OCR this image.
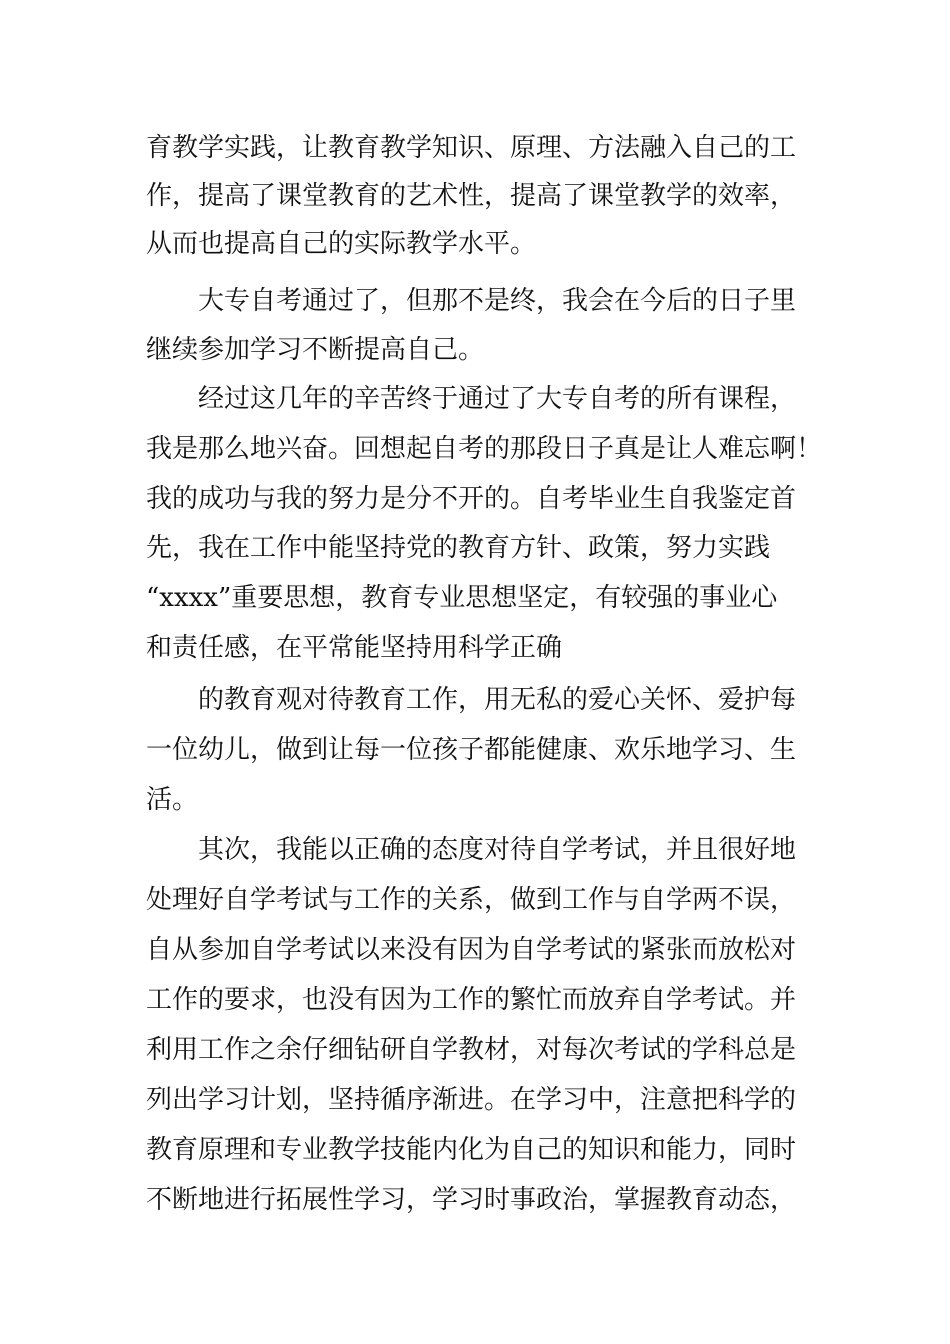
育教学实践，让教育教学知识、原理、方法融入自己的工
作，提高了课堂教育的艺术性，提高了课堂教学的效率，
从而也提高自己的实际教学水平。
大专自考通过了，但那不是终，我会在今后的日子里
继续参加学习不断提高自己。
经过这几年的辛苦终于通过了大专自考的所有课程，
我是那么地兴奋。回想起自考的那段日子真是让人难忘啊！
我的成功与我的努力是分不开的。自考毕业生自我鉴定首
先，我在工作中能坚持党的教育方针、政策，努力实践
“xxxx”重要思想，教育专业思想坚定，有较强的事业心
和责任感，在平常能坚持用科学正确
的教育观对待教育工作，用无私的爱心关怀、爱护每
一位幼儿，做到让每一位孩子都能健康、欢乐地学习、生
活。
其次，我能以正确的态度对待自学考试，并且很好地
处理好自学考试与工作的关系，做到工作与自学两不误，
自从参加自学考试以来没有因为自学考试的紧张而放松对
工作的要求，也没有因为工作的繁忙而放弃自学考试。并
利用工作之余仔细钻研自学教材，对每次考试的学科总是
列出学习计划，坚持循序渐进。在学习中，注意把科学的
教育原理和专业教学技能内化为自己的知识和能力，同时
不断地进行拓展性学习，学习时事政治，掌握教育动态，
